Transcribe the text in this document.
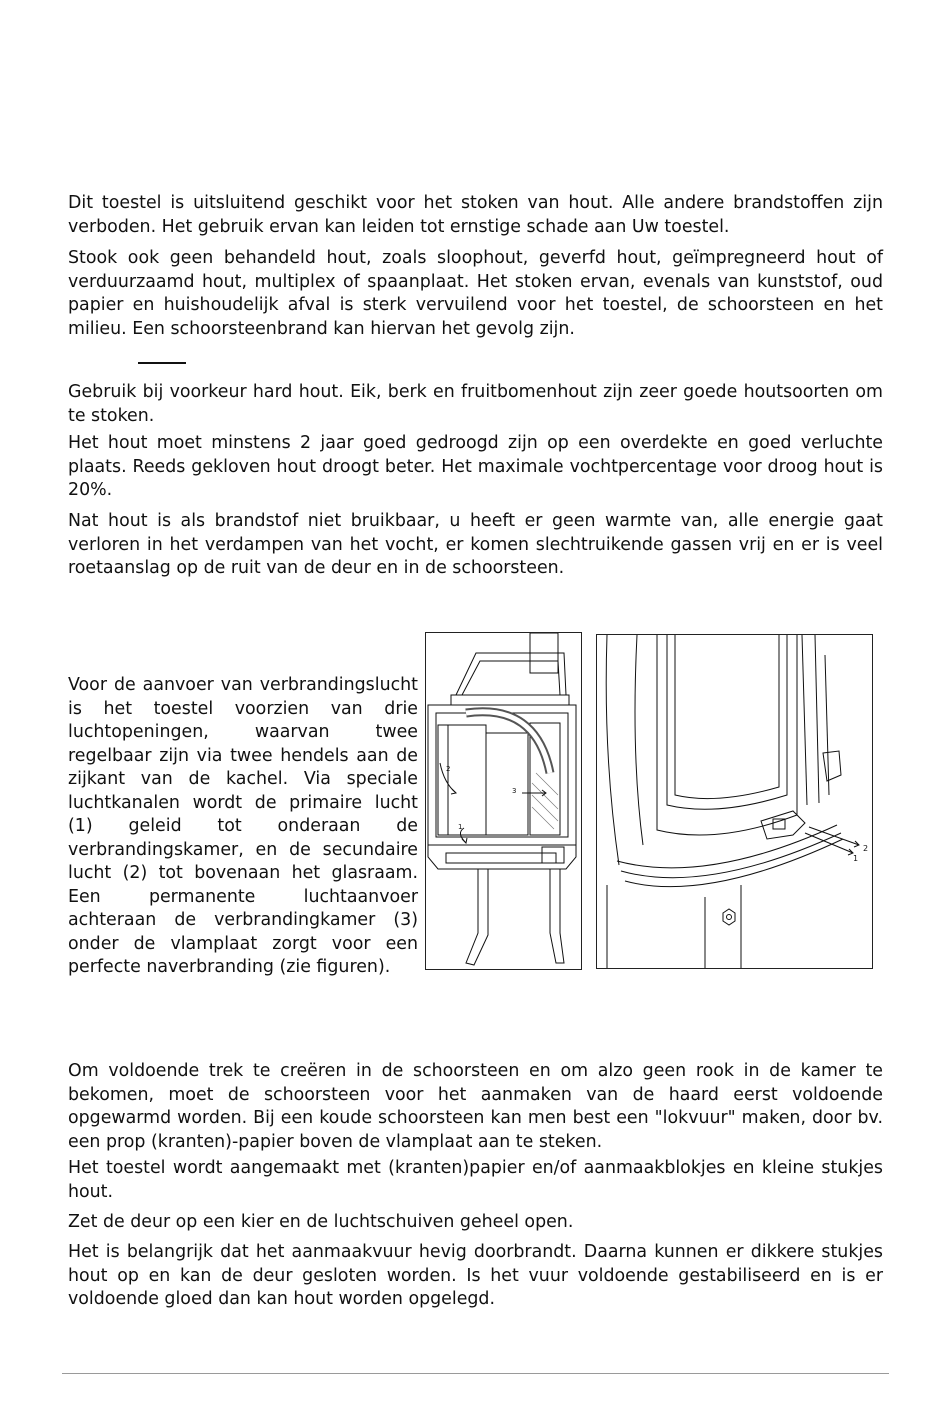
Dit toestel is uitsluitend geschikt voor het stoken van hout. Alle andere brandstoffen zijn verboden. Het gebruik ervan kan leiden tot ernstige schade aan Uw toestel.

Stook ook geen behandeld hout, zoals sloophout, geverfd hout, geïmpregneerd hout of verduurzaamd hout, multiplex of spaanplaat. Het stoken ervan, evenals van kunststof, oud papier en huishoudelijk afval is sterk vervuilend voor het toestel, de schoorsteen en het milieu. Een schoorsteenbrand kan hiervan het gevolg zijn.

Gebruik bij voorkeur hard hout. Eik, berk en fruitbomenhout zijn zeer goede houtsoorten om te stoken.

Het hout moet minstens 2 jaar goed gedroogd zijn op een overdekte en goed verluchte plaats. Reeds gekloven hout droogt beter. Het maximale vochtpercentage voor droog hout is 20%.

Nat hout is als brandstof niet bruikbaar, u heeft er geen warmte van, alle energie gaat verloren in het verdampen van het vocht, er komen slechtruikende gassen vrij en er is veel roetaanslag op de ruit van de deur en in de schoorsteen.

Voor de aanvoer van verbrandingslucht is het toestel voorzien van drie luchtopeningen, waarvan twee regelbaar zijn via twee hendels aan de zijkant van de kachel. Via speciale luchtkanalen wordt de primaire lucht (1) geleid tot onderaan de verbrandingskamer, en de secundaire lucht (2) tot bovenaan het glasraam. Een permanente luchtaanvoer achteraan de verbrandingkamer (3) onder de vlamplaat zorgt voor een perfecte naverbranding (zie figuren).

2
3
1
2
1

Om voldoende trek te creëren in de schoorsteen en om alzo geen rook in de kamer te bekomen, moet de schoorsteen voor het aanmaken van de haard eerst voldoende opgewarmd worden. Bij een koude schoorsteen kan men best een "lokvuur" maken, door bv. een prop (kranten)-papier boven de vlamplaat aan te steken.

Het toestel wordt aangemaakt met (kranten)papier en/of aanmaakblokjes en kleine stukjes hout.

Zet de deur op een kier en de luchtschuiven geheel open.

Het is belangrijk dat het aanmaakvuur hevig doorbrandt. Daarna kunnen er dikkere stukjes hout op en kan de deur gesloten worden. Is het vuur voldoende gestabiliseerd en is er voldoende gloed dan kan hout worden opgelegd.
